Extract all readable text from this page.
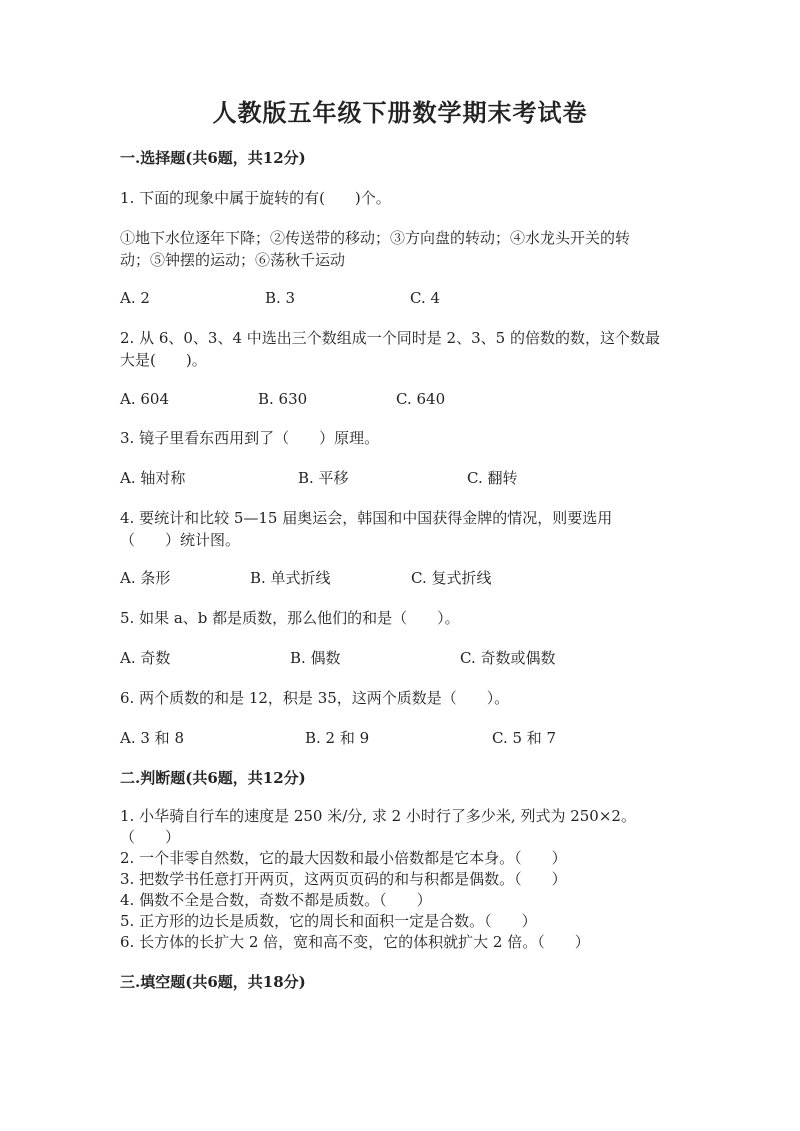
人教版五年级下册数学期末考试卷
一.选择题(共6题，共12分)
1. 下面的现象中属于旋转的有(　　)个。
①地下水位逐年下降；②传送带的移动；③方向盘的转动；④水龙头开关的转
动；⑤钟摆的运动；⑥荡秋千运动
A. 2	B. 3	C. 4
2. 从 6、0、3、4 中选出三个数组成一个同时是 2、3、5 的倍数的数，这个数最
大是(　　)。
A. 604	B. 630	C. 640
3. 镜子里看东西用到了（　　）原理。
A. 轴对称	B. 平移	C. 翻转
4. 要统计和比较 5—15 届奥运会，韩国和中国获得金牌的情况，则要选用
（　　）统计图。
A. 条形	B. 单式折线	C. 复式折线
5. 如果 a、b 都是质数，那么他们的和是（　　）。
A. 奇数	B. 偶数	C. 奇数或偶数
6. 两个质数的和是 12，积是 35，这两个质数是（　　）。
A. 3 和 8	B. 2 和 9	C. 5 和 7
二.判断题(共6题，共12分)
1. 小华骑自行车的速度是 250 米/分, 求 2 小时行了多少米, 列式为 250×2。
（　　）
2. 一个非零自然数，它的最大因数和最小倍数都是它本身。（　　）
3. 把数学书任意打开两页，这两页页码的和与积都是偶数。（　　）
4. 偶数不全是合数，奇数不都是质数。（　　）
5. 正方形的边长是质数，它的周长和面积一定是合数。（　　）
6. 长方体的长扩大 2 倍，宽和高不变，它的体积就扩大 2 倍。（　　）
三.填空题(共6题，共18分)
